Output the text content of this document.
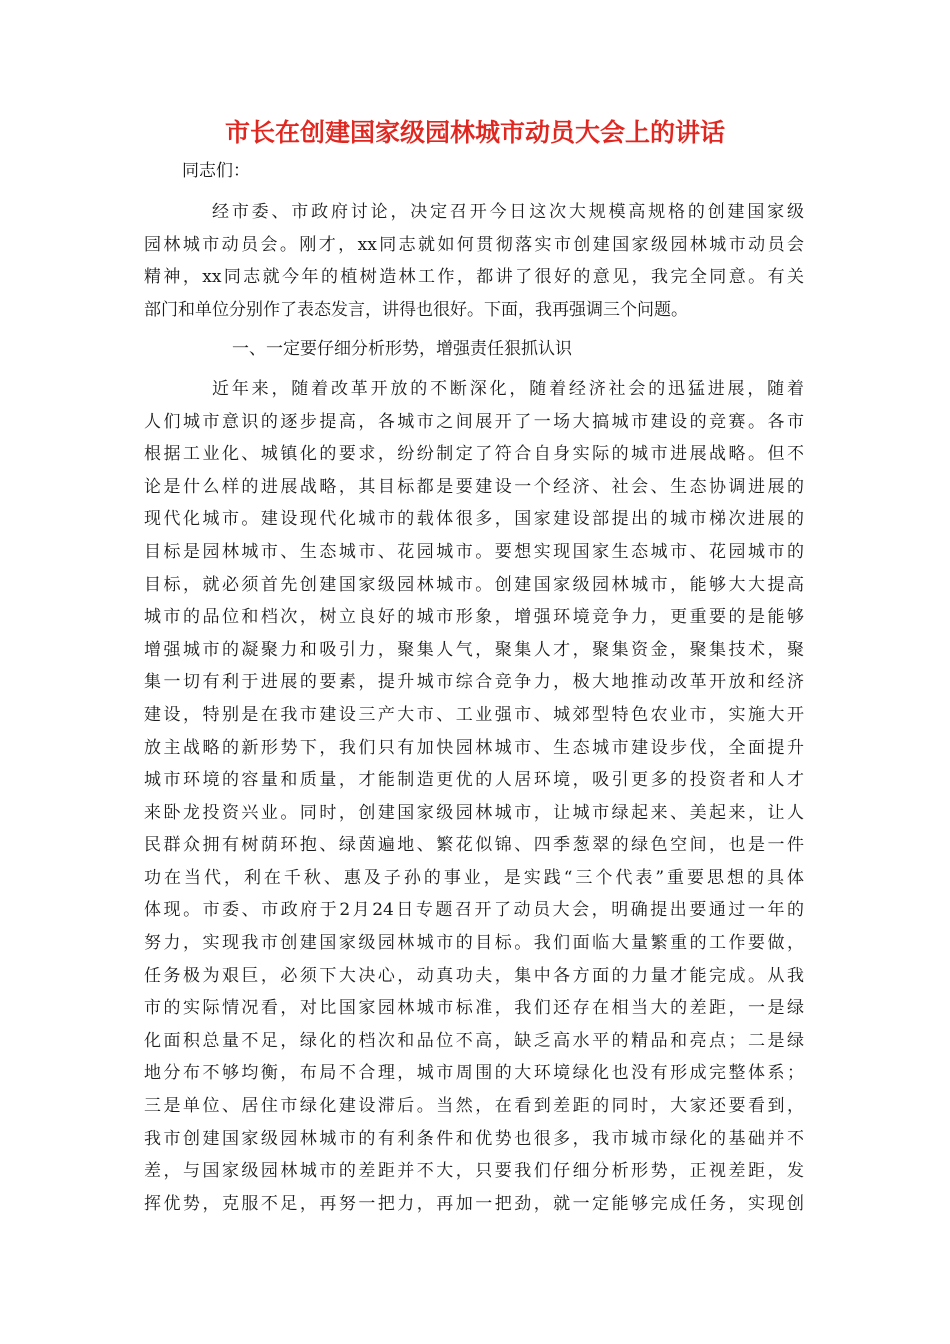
市长在创建国家级园林城市动员大会上的讲话
同志们：
经市委、市政府讨论，决定召开今日这次大规模高规格的创建国家级
园林城市动员会。刚才，xx同志就如何贯彻落实市创建国家级园林城市动员会
精神，xx同志就今年的植树造林工作，都讲了很好的意见，我完全同意。有关
部门和单位分别作了表态发言，讲得也很好。下面，我再强调三个问题。
一、一定要仔细分析形势，增强责任狠抓认识
近年来，随着改革开放的不断深化，随着经济社会的迅猛进展，随着
人们城市意识的逐步提高，各城市之间展开了一场大搞城市建设的竞赛。各市
根据工业化、城镇化的要求，纷纷制定了符合自身实际的城市进展战略。但不
论是什么样的进展战略，其目标都是要建设一个经济、社会、生态协调进展的
现代化城市。建设现代化城市的载体很多，国家建设部提出的城市梯次进展的
目标是园林城市、生态城市、花园城市。要想实现国家生态城市、花园城市的
目标，就必须首先创建国家级园林城市。创建国家级园林城市，能够大大提高
城市的品位和档次，树立良好的城市形象，增强环境竞争力，更重要的是能够
增强城市的凝聚力和吸引力，聚集人气，聚集人才，聚集资金，聚集技术，聚
集一切有利于进展的要素，提升城市综合竞争力，极大地推动改革开放和经济
建设，特别是在我市建设三产大市、工业强市、城郊型特色农业市，实施大开
放主战略的新形势下，我们只有加快园林城市、生态城市建设步伐，全面提升
城市环境的容量和质量，才能制造更优的人居环境，吸引更多的投资者和人才
来卧龙投资兴业。同时，创建国家级园林城市，让城市绿起来、美起来，让人
民群众拥有树荫环抱、绿茵遍地、繁花似锦、四季葱翠的绿色空间，也是一件
功在当代，利在千秋、惠及子孙的事业，是实践“三个代表”重要思想的具体
体现。市委、市政府于2月24日专题召开了动员大会，明确提出要通过一年的
努力，实现我市创建国家级园林城市的目标。我们面临大量繁重的工作要做，
任务极为艰巨，必须下大决心，动真功夫，集中各方面的力量才能完成。从我
市的实际情况看，对比国家园林城市标准，我们还存在相当大的差距，一是绿
化面积总量不足，绿化的档次和品位不高，缺乏高水平的精品和亮点；二是绿
地分布不够均衡，布局不合理，城市周围的大环境绿化也没有形成完整体系；
三是单位、居住市绿化建设滞后。当然，在看到差距的同时，大家还要看到，
我市创建国家级园林城市的有利条件和优势也很多，我市城市绿化的基础并不
差，与国家级园林城市的差距并不大，只要我们仔细分析形势，正视差距，发
挥优势，克服不足，再努一把力，再加一把劲，就一定能够完成任务，实现创
